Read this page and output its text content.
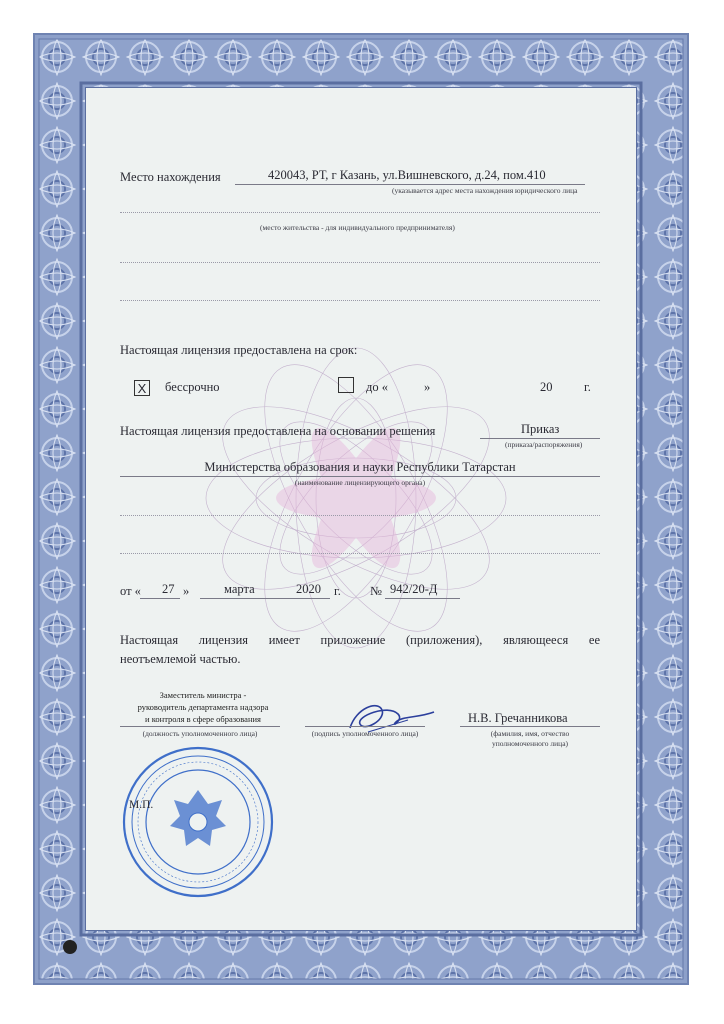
Место нахождения	420043, РТ, г Казань, ул.Вишневского, д.24, пом.410
(указывается адрес места нахождения юридического лица
(место жительства - для индивидуального предпринимателя)
Настоящая лицензия предоставлена на срок:
X бессрочно	до «	»	20	г.
Настоящая лицензия предоставлена на основании решения	Приказ
(приказа/распоряжения)
Министерства образования и науки Республики Татарстан
(наименование лицензирующего органа)
от « 27 »	марта	2020 г. № 942/20-Д
Настоящая лицензия имеет приложение (приложения), являющееся ее
неотъемлемой частью.
Заместитель министра -
руководитель департамента надзора
и контроля в сфере образования
(должность уполномоченного лица)	(подпись уполномоченного лица)
Н.В. Гречанникова
(фамилия, имя, отчество
уполномоченного лица)
М.П.
